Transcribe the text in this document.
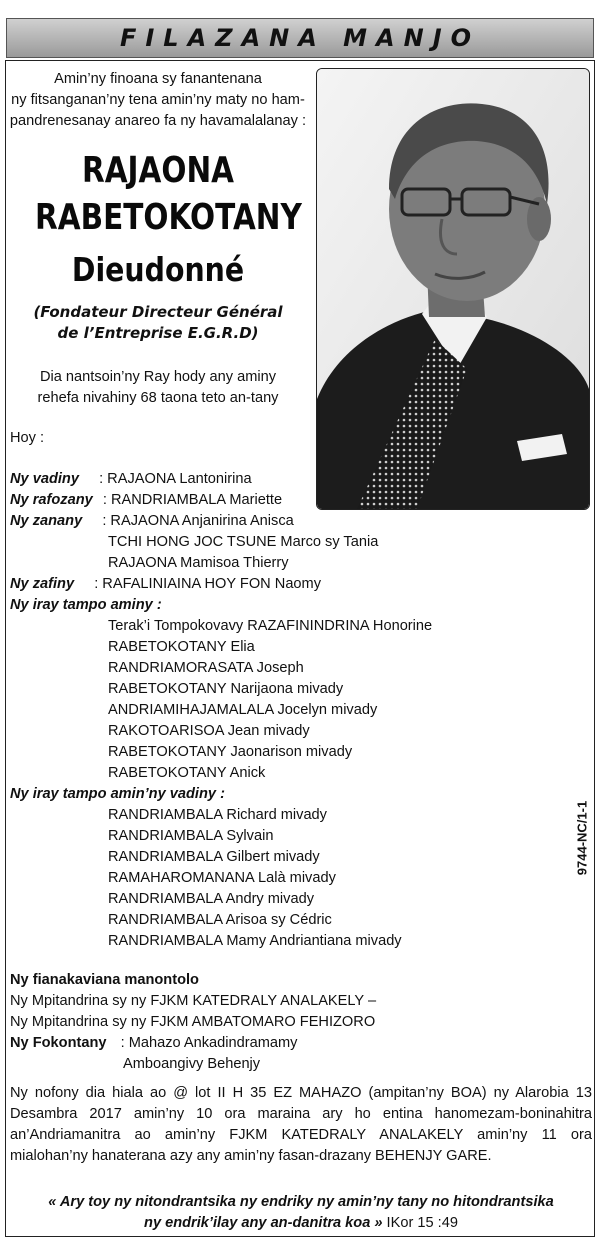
FILAZANA MANJO
Amin’ny finoana sy fanantenana
ny fitsanganan’ny tena amin’ny maty no ham-
pandrenesanay anareo fa ny havamalalanay :
RAJAONA
RABETOKOTANY
Dieudonné
(Fondateur Directeur Général
de l’Entreprise E.G.R.D)
Dia nantsoin’ny Ray hody any aminy
rehefa nivahiny 68 taona teto an-tany
Hoy :
Ny vadiny : RAJAONA Lantonirina
Ny rafozany : RANDRIAMBALA Mariette
Ny zanany : RAJAONA Anjanirina Anisca
TCHI HONG JOC TSUNE Marco sy Tania
RAJAONA Mamisoa Thierry
Ny zafiny : RAFALINIAINA HOY FON Naomy
Ny iray tampo aminy :
Terak’i Tompokovavy RAZAFININDRINA Honorine
RABETOKOTANY Elia
RANDRIAMORASATA Joseph
RABETOKOTANY Narijaona mivady
ANDRIAMIHAJAMALALA Jocelyn mivady
RAKOTOARISOA Jean mivady
RABETOKOTANY Jaonarison mivady
RABETOKOTANY Anick
Ny iray tampo amin’ny vadiny :
RANDRIAMBALA Richard mivady
RANDRIAMBALA Sylvain
RANDRIAMBALA Gilbert mivady
RAMAHAROMANANA Lalà mivady
RANDRIAMBALA Andry mivady
RANDRIAMBALA Arisoa sy Cédric
RANDRIAMBALA Mamy Andriantiana mivady
9744-NC/1-1
Ny fianakaviana manontolo
Ny Mpitandrina sy ny FJKM KATEDRALY ANALAKELY –
Ny Mpitandrina sy ny FJKM AMBATOMARO FEHIZORO
Ny Fokontany : Mahazo Ankadindramamy
Amboangivy Behenjy
Ny nofony dia hiala ao @ lot II H 35 EZ MAHAZO (ampitan’ny BOA) ny Alarobia 13 Desambra 2017 amin’ny 10 ora maraina ary ho entina hanomezam-boninahitra an’Andriamanitra ao amin’ny FJKM KATEDRALY ANALAKELY amin’ny 11 ora mialohan’ny hanaterana azy any amin’ny fasan-drazany BEHENJY GARE.
« Ary toy ny nitondrantsika ny endriky ny amin’ny tany no hitondrantsika
ny endrik’ilay any an-danitra koa » IKor 15 :49
